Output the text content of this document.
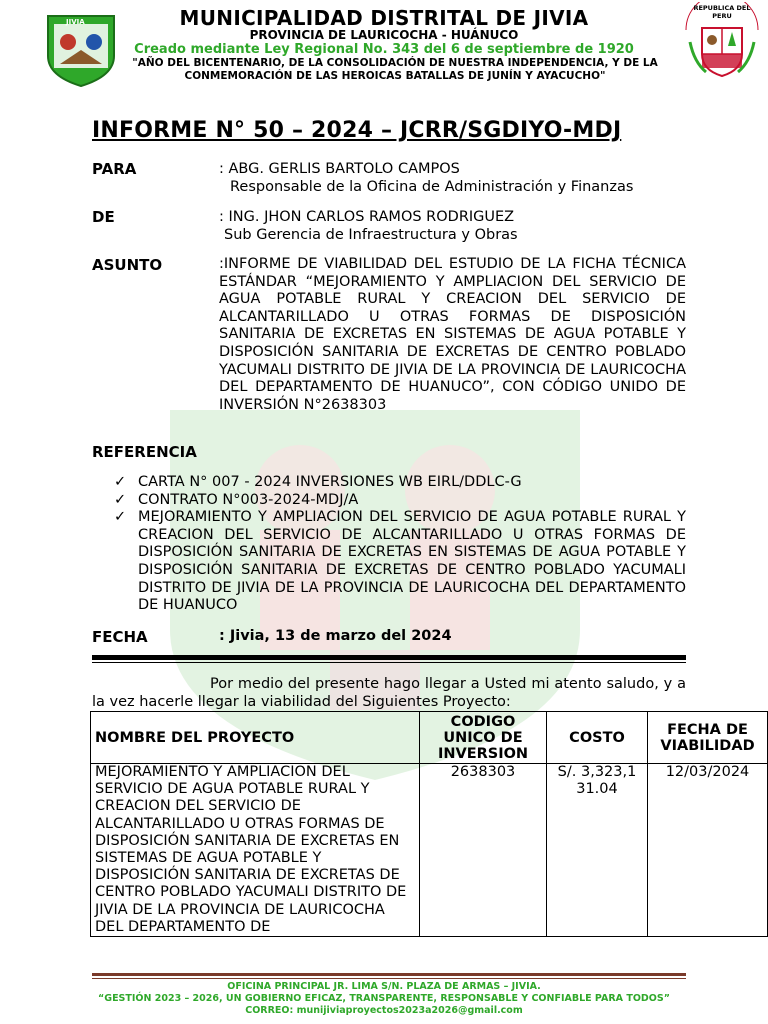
JIVIA	MUNICIPALIDAD DISTRITAL DE JIVIA
PROVINCIA DE LAURICOCHA - HUÁNUCO
Creado mediante Ley Regional No. 343 del 6 de septiembre de 1920
"AÑO DEL BICENTENARIO, DE LA CONSOLIDACIÓN DE NUESTRA INDEPENDENCIA, Y DE LA CONMEMORACIÓN DE LAS HEROICAS BATALLAS DE JUNÍN Y AYACUCHO"
REPUBLICA DEL PERU
INFORME N° 50 – 2024 – JCRR/SGDIYO-MDJ
PARA	: ABG. GERLIS BARTOLO CAMPOS
Responsable de la Oficina de Administración y Finanzas
DE	: ING. JHON CARLOS RAMOS RODRIGUEZ
Sub Gerencia de Infraestructura y Obras
ASUNTO	:INFORME DE VIABILIDAD DEL ESTUDIO DE LA FICHA TÉCNICA ESTÁNDAR “MEJORAMIENTO Y AMPLIACION DEL SERVICIO DE AGUA POTABLE RURAL Y CREACION DEL SERVICIO DE ALCANTARILLADO U OTRAS FORMAS DE DISPOSICIÓN SANITARIA DE EXCRETAS EN SISTEMAS DE AGUA POTABLE Y DISPOSICIÓN SANITARIA DE EXCRETAS DE CENTRO POBLADO YACUMALI DISTRITO DE JIVIA DE LA PROVINCIA DE LAURICOCHA DEL DEPARTAMENTO DE HUANUCO”, CON CÓDIGO UNIDO DE INVERSIÓN N°2638303
REFERENCIA
✓ CARTA N° 007 - 2024 INVERSIONES WB EIRL/DDLC-G
✓ CONTRATO N°003-2024-MDJ/A
✓ MEJORAMIENTO Y AMPLIACION DEL SERVICIO DE AGUA POTABLE RURAL Y CREACION DEL SERVICIO DE ALCANTARILLADO U OTRAS FORMAS DE DISPOSICIÓN SANITARIA DE EXCRETAS EN SISTEMAS DE AGUA POTABLE Y DISPOSICIÓN SANITARIA DE EXCRETAS DE CENTRO POBLADO YACUMALI DISTRITO DE JIVIA DE LA PROVINCIA DE LAURICOCHA DEL DEPARTAMENTO DE HUANUCO
FECHA	: Jivia, 13 de marzo del 2024
Por medio del presente hago llegar a Usted mi atento saludo, y a la vez hacerle llegar la viabilidad del Siguientes Proyecto:
NOMBRE DEL PROYECTO	CODIGO UNICO DE INVERSION	COSTO	FECHA DE VIABILIDAD
MEJORAMIENTO Y AMPLIACION DEL SERVICIO DE AGUA POTABLE RURAL Y CREACION DEL SERVICIO DE ALCANTARILLADO U OTRAS FORMAS DE DISPOSICIÓN SANITARIA DE EXCRETAS EN SISTEMAS DE AGUA POTABLE Y DISPOSICIÓN SANITARIA DE EXCRETAS DE CENTRO POBLADO YACUMALI DISTRITO DE JIVIA DE LA PROVINCIA DE LAURICOCHA DEL DEPARTAMENTO DE	2638303	S/. 3,323,131.04	12/03/2024
OFICINA PRINCIPAL JR. LIMA S/N. PLAZA DE ARMAS – JIVIA.
“GESTIÓN 2023 – 2026, UN GOBIERNO EFICAZ, TRANSPARENTE, RESPONSABLE Y CONFIABLE PARA TODOS”
CORREO: munijiviaproyectos2023a2026@gmail.com
